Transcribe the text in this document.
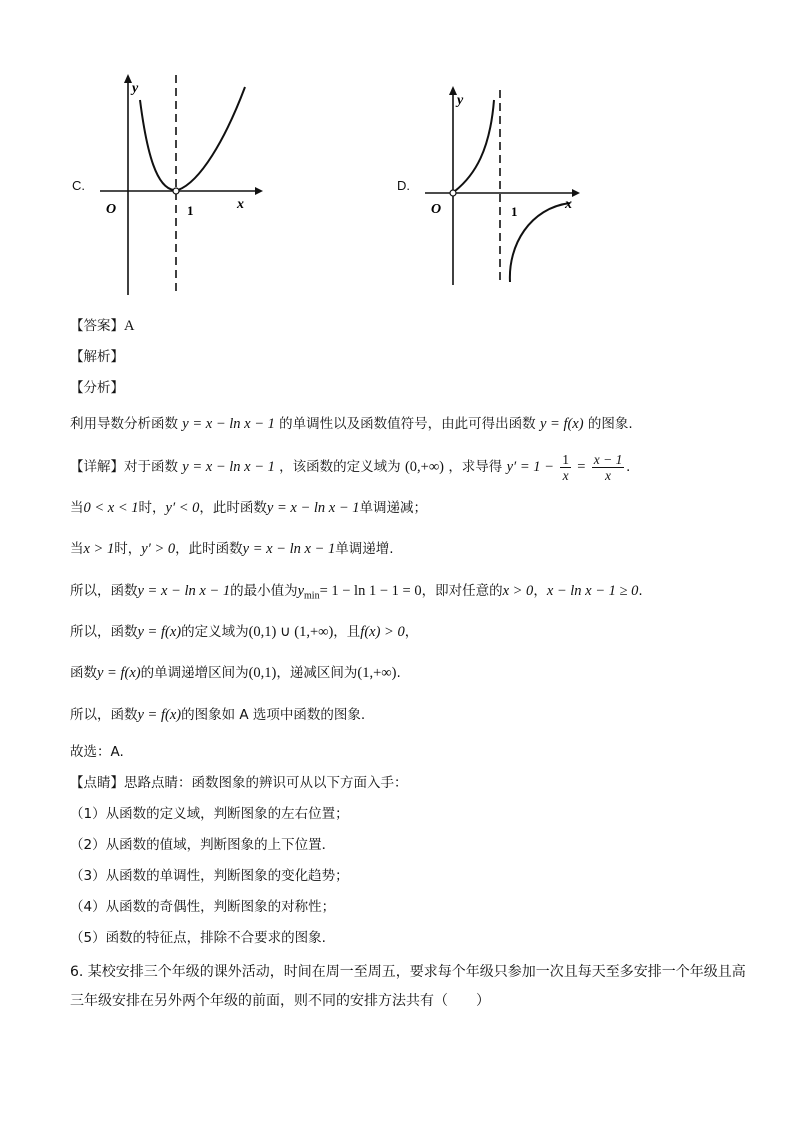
C.
y
x
O	1
D.
y
x
O	1
【答案】A
【解析】
【分析】
利用导数分析函数 y = x − ln x − 1 的单调性以及函数值符号，由此可得出函数 y = f(x) 的图象.
【详解】对于函数 y = x − ln x − 1 ，该函数的定义域为 (0,+∞) ，求导得 $y' = 1 - \frac{1}{x} = \frac{x - 1}{x}$ .
当0 < x < 1时，y′ < 0，此时函数y = x − ln x − 1单调递减；
当x > 1时，y′ > 0，此时函数y = x − ln x − 1单调递增.
所以，函数y = x − ln x − 1的最小值为$y_{min}= 1 - \ln 1 - 1 = 0$，即对任意的x > 0，x − ln x − 1 ≥ 0.
所以，函数y = f(x)的定义域为(0,1) ∪ (1,+∞)，且f(x) > 0，
函数y = f(x)的单调递增区间为(0,1)，递减区间为(1,+∞).
所以，函数y = f(x)的图象如 A 选项中函数的图象.
故选：A.
【点睛】思路点睛：函数图象的辨识可从以下方面入手：
（1）从函数的定义域，判断图象的左右位置；
（2）从函数的值域，判断图象的上下位置．
（3）从函数的单调性，判断图象的变化趋势；
（4）从函数的奇偶性，判断图象的对称性；
（5）函数的特征点，排除不合要求的图象.
6. 某校安排三个年级的课外活动，时间在周一至周五，要求每个年级只参加一次且每天至多安排一个年级且高三年级安排在另外两个年级的前面，则不同的安排方法共有（　　）
